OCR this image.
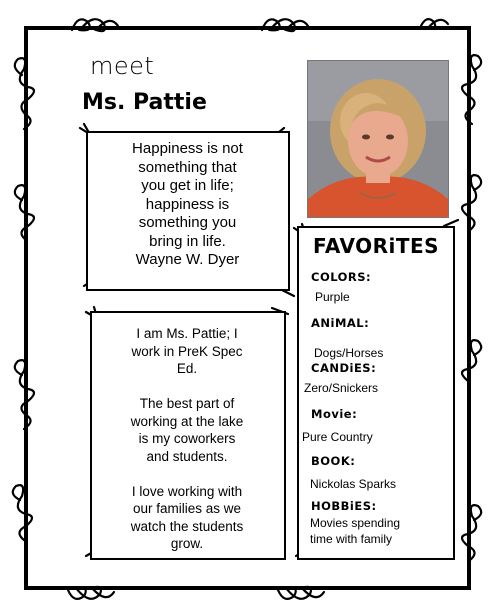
meet
Ms. Pattie
Happiness is not
something that
you get in life;
happiness is
something you
bring in life.
Wayne W. Dyer

I am Ms. Pattie; I
work in PreK Spec
Ed.

The best part of
working at the lake
is my coworkers
and students.

I love working with
our families as we
watch the students
grow.

FAVORiTES
COLORS:
Purple
ANiMAL:
Dogs/Horses
CANDiES:
Zero/Snickers
Movie:
Pure Country
BOOK:
Nickolas Sparks
HOBBiES:
Movies spending
time with family
